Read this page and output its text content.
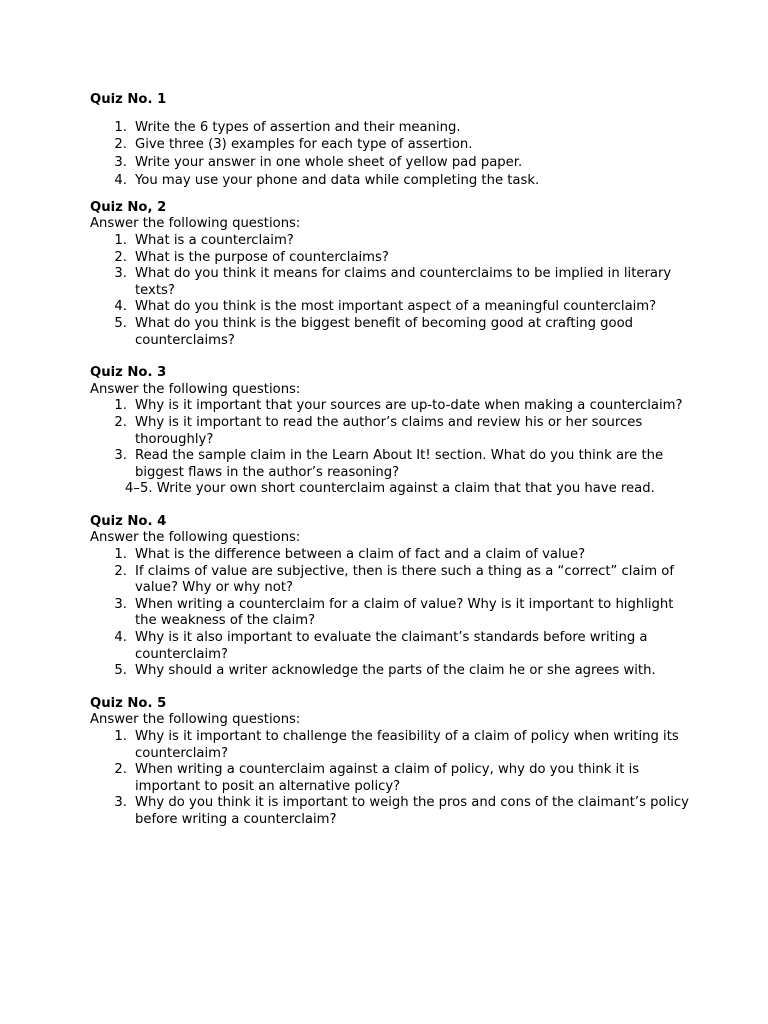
Quiz No. 1

1. Write the 6 types of assertion and their meaning.
2. Give three (3) examples for each type of assertion.
3. Write your answer in one whole sheet of yellow pad paper.
4. You may use your phone and data while completing the task.

Quiz No, 2

Answer the following questions:

1. What is a counterclaim?
2. What is the purpose of counterclaims?
3. What do you think it means for claims and counterclaims to be implied in literary texts?
4. What do you think is the most important aspect of a meaningful counterclaim?
5. What do you think is the biggest benefit of becoming good at crafting good counterclaims?

Quiz No. 3

Answer the following questions:

1. Why is it important that your sources are up-to-date when making a counterclaim?
2. Why is it important to read the author’s claims and review his or her sources thoroughly?
3. Read the sample claim in the Learn About It! section. What do you think are the biggest flaws in the author’s reasoning?

4–5. Write your own short counterclaim against a claim that that you have read.

Quiz No. 4

Answer the following questions:

1. What is the difference between a claim of fact and a claim of value?
2. If claims of value are subjective, then is there such a thing as a “correct” claim of value? Why or why not?
3. When writing a counterclaim for a claim of value? Why is it important to highlight the weakness of the claim?
4. Why is it also important to evaluate the claimant’s standards before writing a counterclaim?
5. Why should a writer acknowledge the parts of the claim he or she agrees with.

Quiz No. 5

Answer the following questions:

1. Why is it important to challenge the feasibility of a claim of policy when writing its counterclaim?
2. When writing a counterclaim against a claim of policy, why do you think it is important to posit an alternative policy?
3. Why do you think it is important to weigh the pros and cons of the claimant’s policy   before writing a counterclaim?
